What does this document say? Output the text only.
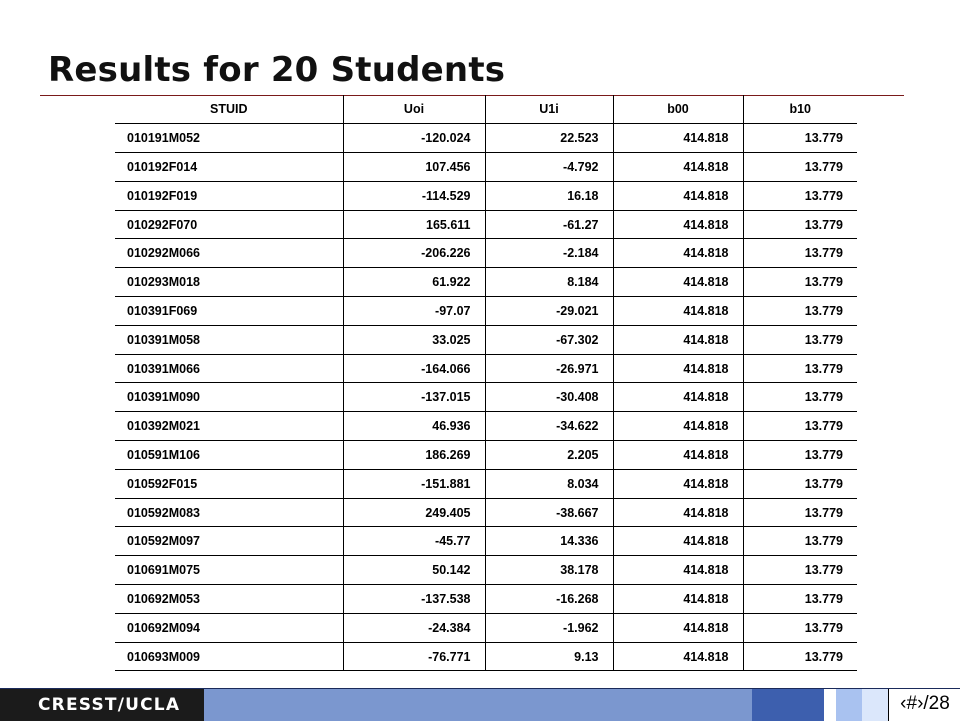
Results for 20 Students
STUID	Uoi	U1i	b00	b10
010191M052	-120.024	22.523	414.818	13.779
010192F014	107.456	-4.792	414.818	13.779
010192F019	-114.529	16.18	414.818	13.779
010292F070	165.611	-61.27	414.818	13.779
010292M066	-206.226	-2.184	414.818	13.779
010293M018	61.922	8.184	414.818	13.779
010391F069	-97.07	-29.021	414.818	13.779
010391M058	33.025	-67.302	414.818	13.779
010391M066	-164.066	-26.971	414.818	13.779
010391M090	-137.015	-30.408	414.818	13.779
010392M021	46.936	-34.622	414.818	13.779
010591M106	186.269	2.205	414.818	13.779
010592F015	-151.881	8.034	414.818	13.779
010592M083	249.405	-38.667	414.818	13.779
010592M097	-45.77	14.336	414.818	13.779
010691M075	50.142	38.178	414.818	13.779
010692M053	-137.538	-16.268	414.818	13.779
010692M094	-24.384	-1.962	414.818	13.779
010693M009	-76.771	9.13	414.818	13.779
CRESST/UCLA	‹#›/28
